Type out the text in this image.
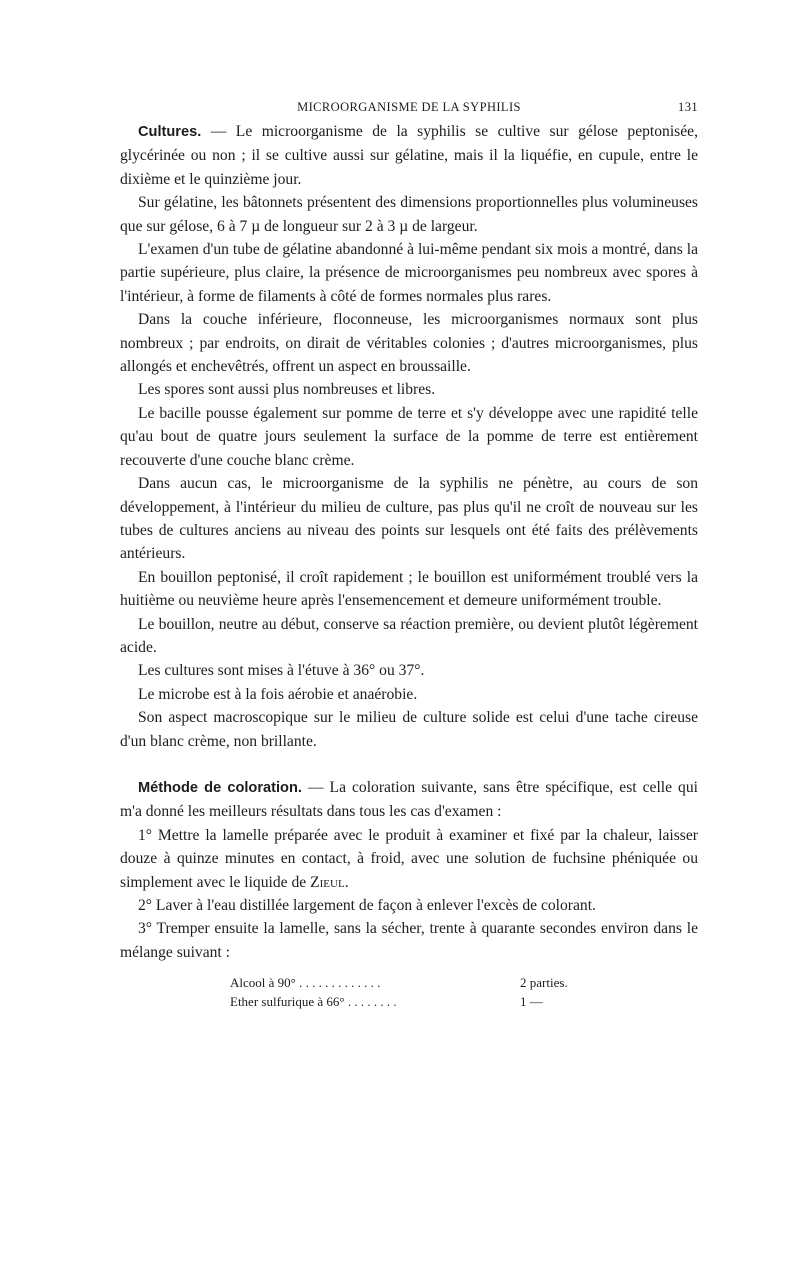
MICROORGANISME DE LA SYPHILIS	131

Cultures. — Le microorganisme de la syphilis se cultive sur gélose peptonisée, glycérinée ou non ; il se cultive aussi sur gélatine, mais il la liquéfie, en cupule, entre le dixième et le quinzième jour.

Sur gélatine, les bâtonnets présentent des dimensions proportionnelles plus volumineuses que sur gélose, 6 à 7 µ de longueur sur 2 à 3 µ de largeur.

L'examen d'un tube de gélatine abandonné à lui-même pendant six mois a montré, dans la partie supérieure, plus claire, la présence de microorganismes peu nombreux avec spores à l'intérieur, à forme de filaments à côté de formes normales plus rares.

Dans la couche inférieure, floconneuse, les microorganismes normaux sont plus nombreux ; par endroits, on dirait de véritables colonies ; d'autres microorganismes, plus allongés et enchevêtrés, offrent un aspect en broussaille.

Les spores sont aussi plus nombreuses et libres.

Le bacille pousse également sur pomme de terre et s'y développe avec une rapidité telle qu'au bout de quatre jours seulement la surface de la pomme de terre est entièrement recouverte d'une couche blanc crème.

Dans aucun cas, le microorganisme de la syphilis ne pénètre, au cours de son développement, à l'intérieur du milieu de culture, pas plus qu'il ne croît de nouveau sur les tubes de cultures anciens au niveau des points sur lesquels ont été faits des prélèvements antérieurs.

En bouillon peptonisé, il croît rapidement ; le bouillon est uniformément troublé vers la huitième ou neuvième heure après l'ensemencement et demeure uniformément trouble.

Le bouillon, neutre au début, conserve sa réaction première, ou devient plutôt légèrement acide.

Les cultures sont mises à l'étuve à 36° ou 37°.

Le microbe est à la fois aérobie et anaérobie.

Son aspect macroscopique sur le milieu de culture solide est celui d'une tache cireuse d'un blanc crème, non brillante.

Méthode de coloration. — La coloration suivante, sans être spécifique, est celle qui m'a donné les meilleurs résultats dans tous les cas d'examen :

1° Mettre la lamelle préparée avec le produit à examiner et fixé par la chaleur, laisser douze à quinze minutes en contact, à froid, avec une solution de fuchsine phéniquée ou simplement avec le liquide de Zieul.

2° Laver à l'eau distillée largement de façon à enlever l'excès de colorant.

3° Tremper ensuite la lamelle, sans la sécher, trente à quarante secondes environ dans le mélange suivant :

Alcool à 90° . . . . . . . . . . . . .	2 parties.
Ether sulfurique à 66° . . . . . . . .	1 —
